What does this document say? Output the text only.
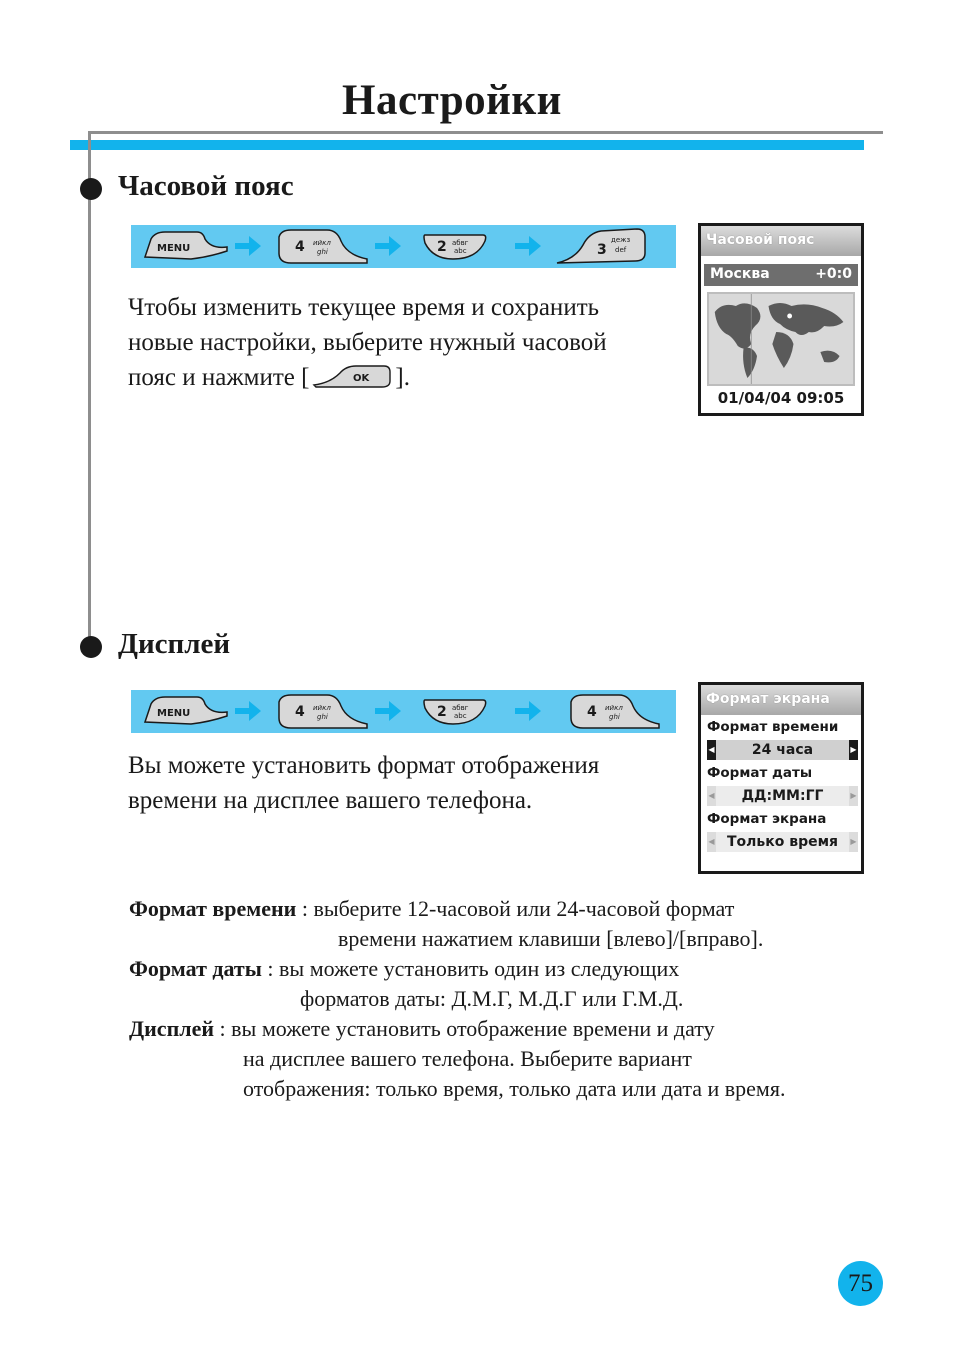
Настройки
Часовой пояс
MENU	4 ийкл
ghi	2 абвг
abc	3
дежз
def
Чтобы изменить текущее время и сохранить
новые настройки, выберите нужный часовой
пояс и нажмите [	OK ].
Часовой пояс
Москва	+0:0
01/04/04 09:05
Дисплей
MENU	4 ийкл
ghi	2 абвг
abc	4 ийкл
ghi
Вы можете установить формат отображения
времени на дисплее вашего телефона.
Формат экрана
Формат времени
◀	24 часа	▶
Формат даты
◀ ДД:ММ:ГГ	▶
Формат экрана
◀ Только время ▶
Формат времени : выберите 12-часовой или 24-часовой формат
времени нажатием клавиши [влево]/[вправо].
Формат даты : вы можете установить один из следующих
форматов даты: Д.М.Г, М.Д.Г или Г.М.Д.
Дисплей : вы можете установить отображение времени и дату
на дисплее вашего телефона. Выберите вариант
отображения: только время, только дата или дата и время.
75
